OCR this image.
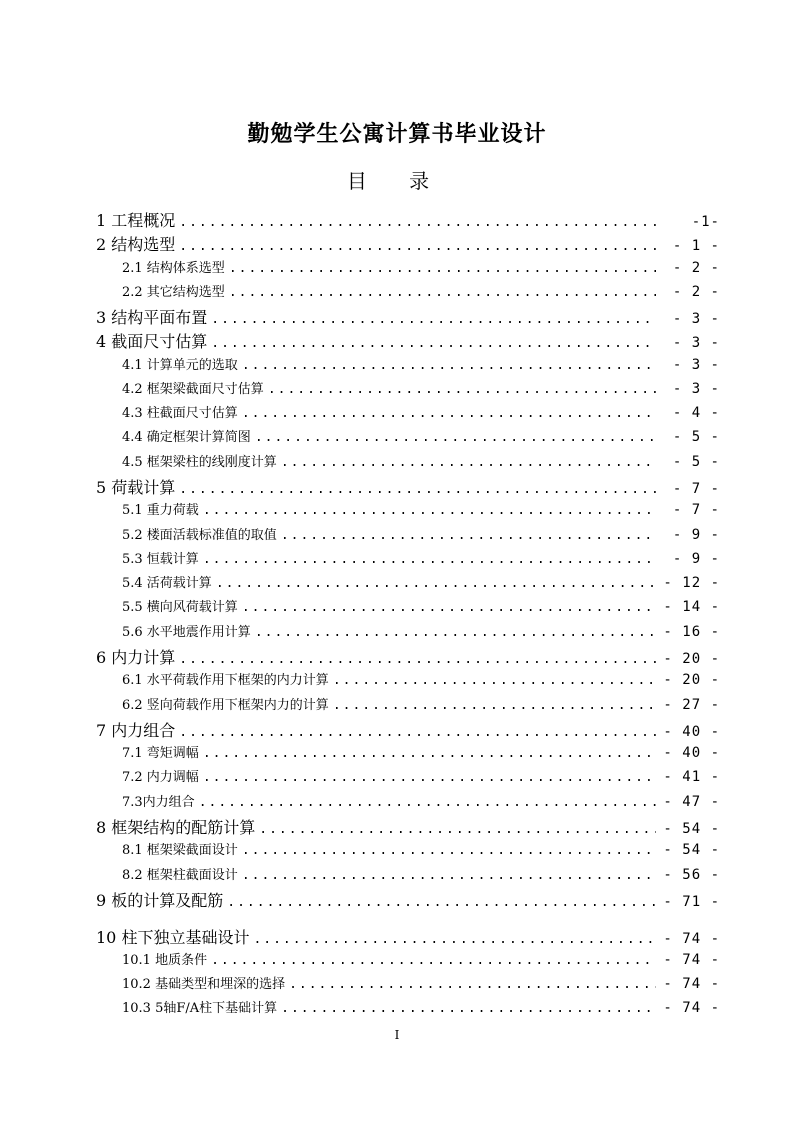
勤勉学生公寓计算书毕业设计
目 录
1 工程概况 .....	-1-
2 结构选型 .....	- 1 -
2.1 结构体系选型 .....	- 2 -
2.2 其它结构选型 .....	- 2 -
3 结构平面布置 .....	- 3 -
4 截面尺寸估算 .....	- 3 -
4.1 计算单元的选取 .....	- 3 -
4.2 框架梁截面尺寸估算 .....	- 3 -
4.3 柱截面尺寸估算 .....	- 4 -
4.4 确定框架计算简图 .....	- 5 -
4.5 框架梁柱的线刚度计算 .....	- 5 -
5 荷载计算 .....	- 7 -
5.1 重力荷载 .....	- 7 -
5.2 楼面活载标准值的取值 .....	- 9 -
5.3 恒载计算 .....	- 9 -
5.4 活荷载计算 .....	- 12 -
5.5 横向风荷载计算 .....	- 14 -
5.6 水平地震作用计算 .....	- 16 -
6 内力计算 .....	- 20 -
6.1 水平荷载作用下框架的内力计算 .....	- 20 -
6.2 竖向荷载作用下框架内力的计算 .....	- 27 -
7 内力组合 .....	- 40 -
7.1 弯矩调幅 .....	- 40 -
7.2 内力调幅 .....	- 41 -
7.3内力组合 .....	- 47 -
8 框架结构的配筋计算 .....	- 54 -
8.1 框架梁截面设计 .....	- 54 -
8.2 框架柱截面设计 .....	- 56 -
9 板的计算及配筋 .....	- 71 -
10 柱下独立基础设计 .....	- 74 -
10.1 地质条件 .....	- 74 -
10.2 基础类型和埋深的选择 .....	- 74 -
10.3 5轴F/A柱下基础计算 .....	- 74 -
I
